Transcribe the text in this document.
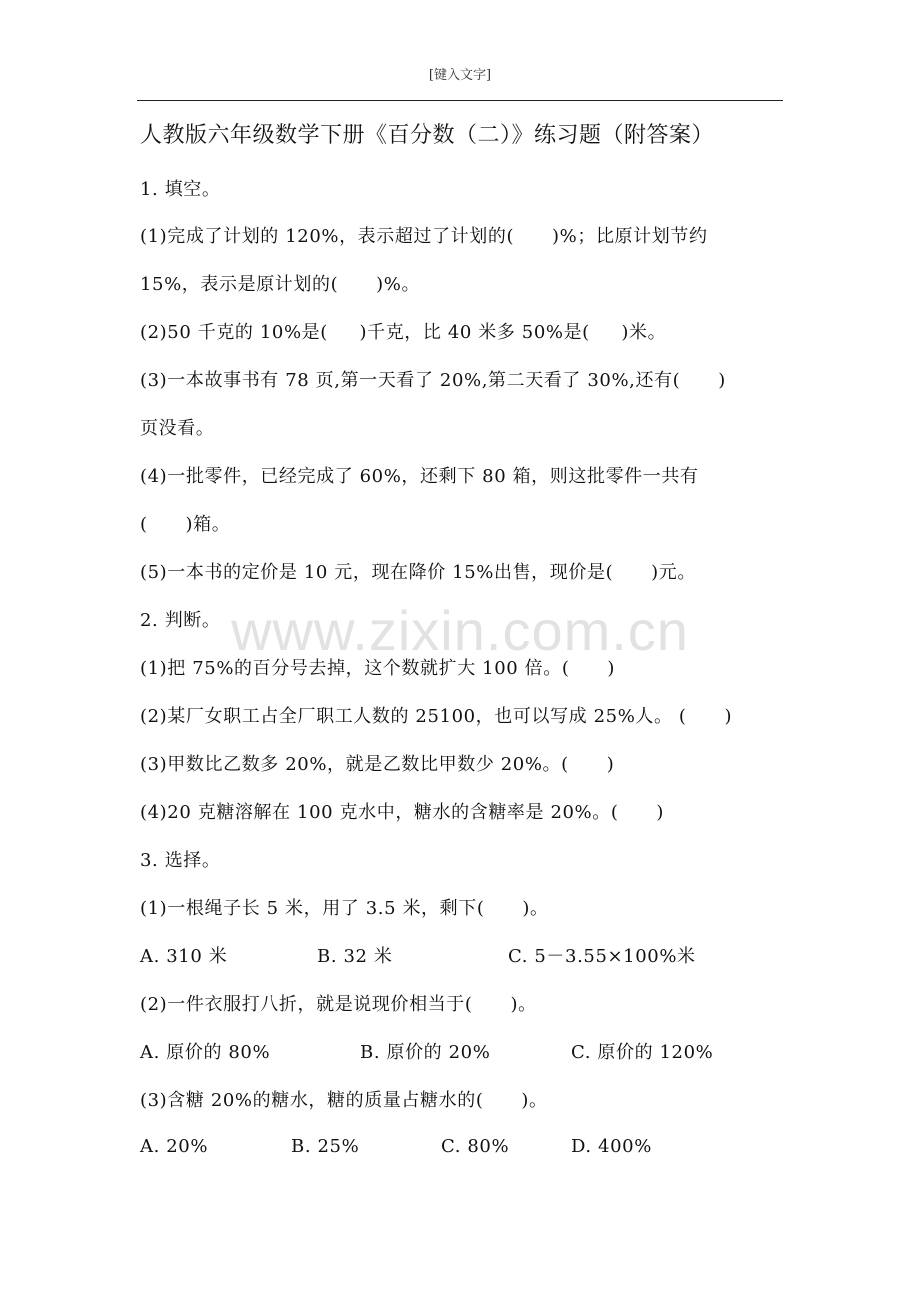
[键入文字]
人教版六年级数学下册《百分数（二）》练习题（附答案）
www.zixin.com.cn
1. 填空。
(1)完成了计划的 120%，表示超过了计划的(      )%；比原计划节约
15%，表示是原计划的(      )%。
(2)50 千克的 10%是(     )千克，比 40 米多 50%是(     )米。
(3)一本故事书有 78 页,第一天看了 20%,第二天看了 30%,还有(      )
页没看。
(4)一批零件，已经完成了 60%，还剩下 80 箱，则这批零件一共有
(      )箱。
(5)一本书的定价是 10 元，现在降价 15%出售，现价是(      )元。
2. 判断。
(1)把 75%的百分号去掉，这个数就扩大 100 倍。(      )
(2)某厂女职工占全厂职工人数的 25100，也可以写成 25%人。 (      )
(3)甲数比乙数多 20%，就是乙数比甲数少 20%。(      )
(4)20 克糖溶解在 100 克水中，糖水的含糖率是 20%。(      )
3. 选择。
(1)一根绳子长 5 米，用了 3.5 米，剩下(      )。
A. 310 米	B. 32 米	C. 5－3.55×100%米
(2)一件衣服打八折，就是说现价相当于(      )。
A. 原价的 80%	B. 原价的 20%	C. 原价的 120%
(3)含糖 20%的糖水，糖的质量占糖水的(      )。
A. 20%	B. 25%	C. 80%	D. 400%
